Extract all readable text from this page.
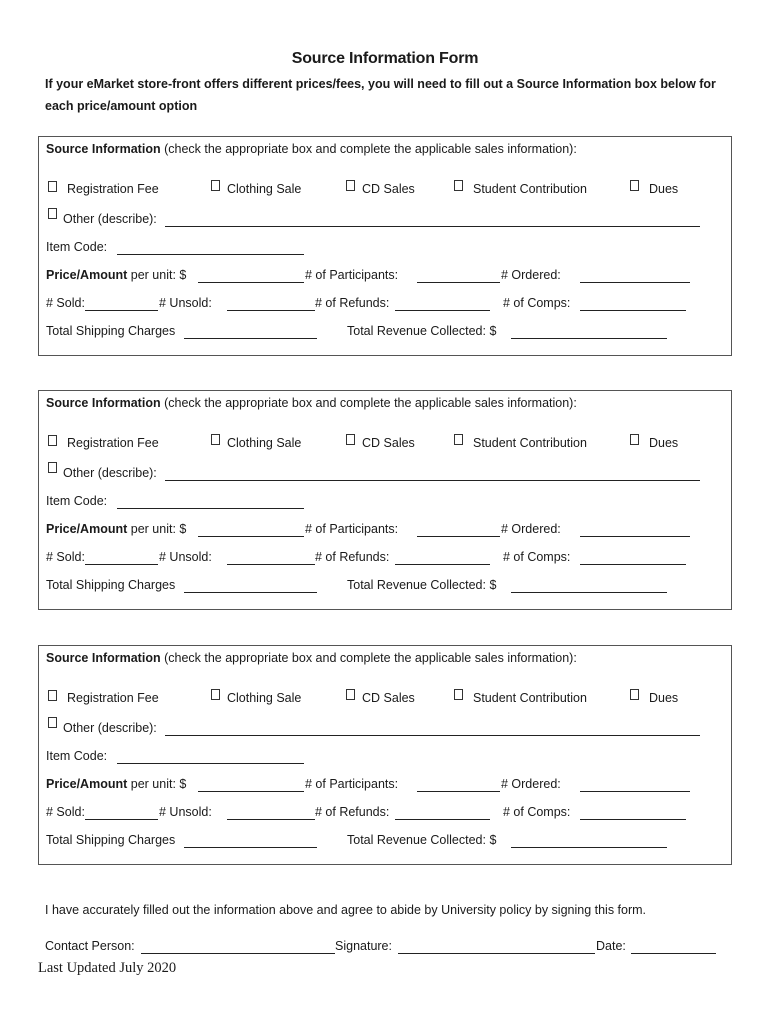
Source Information Form
If your eMarket store-front offers different prices/fees, you will need to fill out a Source Information box below for each price/amount option
Source Information (check the appropriate box and complete the applicable sales information):
Registration Fee	Clothing Sale	CD Sales	Student Contribution	Dues
Other (describe):
Item Code:
Price/Amount per unit: $	# of Participants:	# Ordered:
# Sold:	# Unsold:	# of Refunds:	# of Comps:
Total Shipping Charges	Total Revenue Collected: $
Source Information (check the appropriate box and complete the applicable sales information):
Registration Fee	Clothing Sale	CD Sales	Student Contribution	Dues
Other (describe):
Item Code:
Price/Amount per unit: $	# of Participants:	# Ordered:
# Sold:	# Unsold:	# of Refunds:	# of Comps:
Total Shipping Charges	Total Revenue Collected: $
Source Information (check the appropriate box and complete the applicable sales information):
Registration Fee	Clothing Sale	CD Sales	Student Contribution	Dues
Other (describe):
Item Code:
Price/Amount per unit: $	# of Participants:	# Ordered:
# Sold:	# Unsold:	# of Refunds:	# of Comps:
Total Shipping Charges	Total Revenue Collected: $
I have accurately filled out the information above and agree to abide by University policy by signing this form.
Contact Person:	Signature:	Date:
Last Updated July 2020
